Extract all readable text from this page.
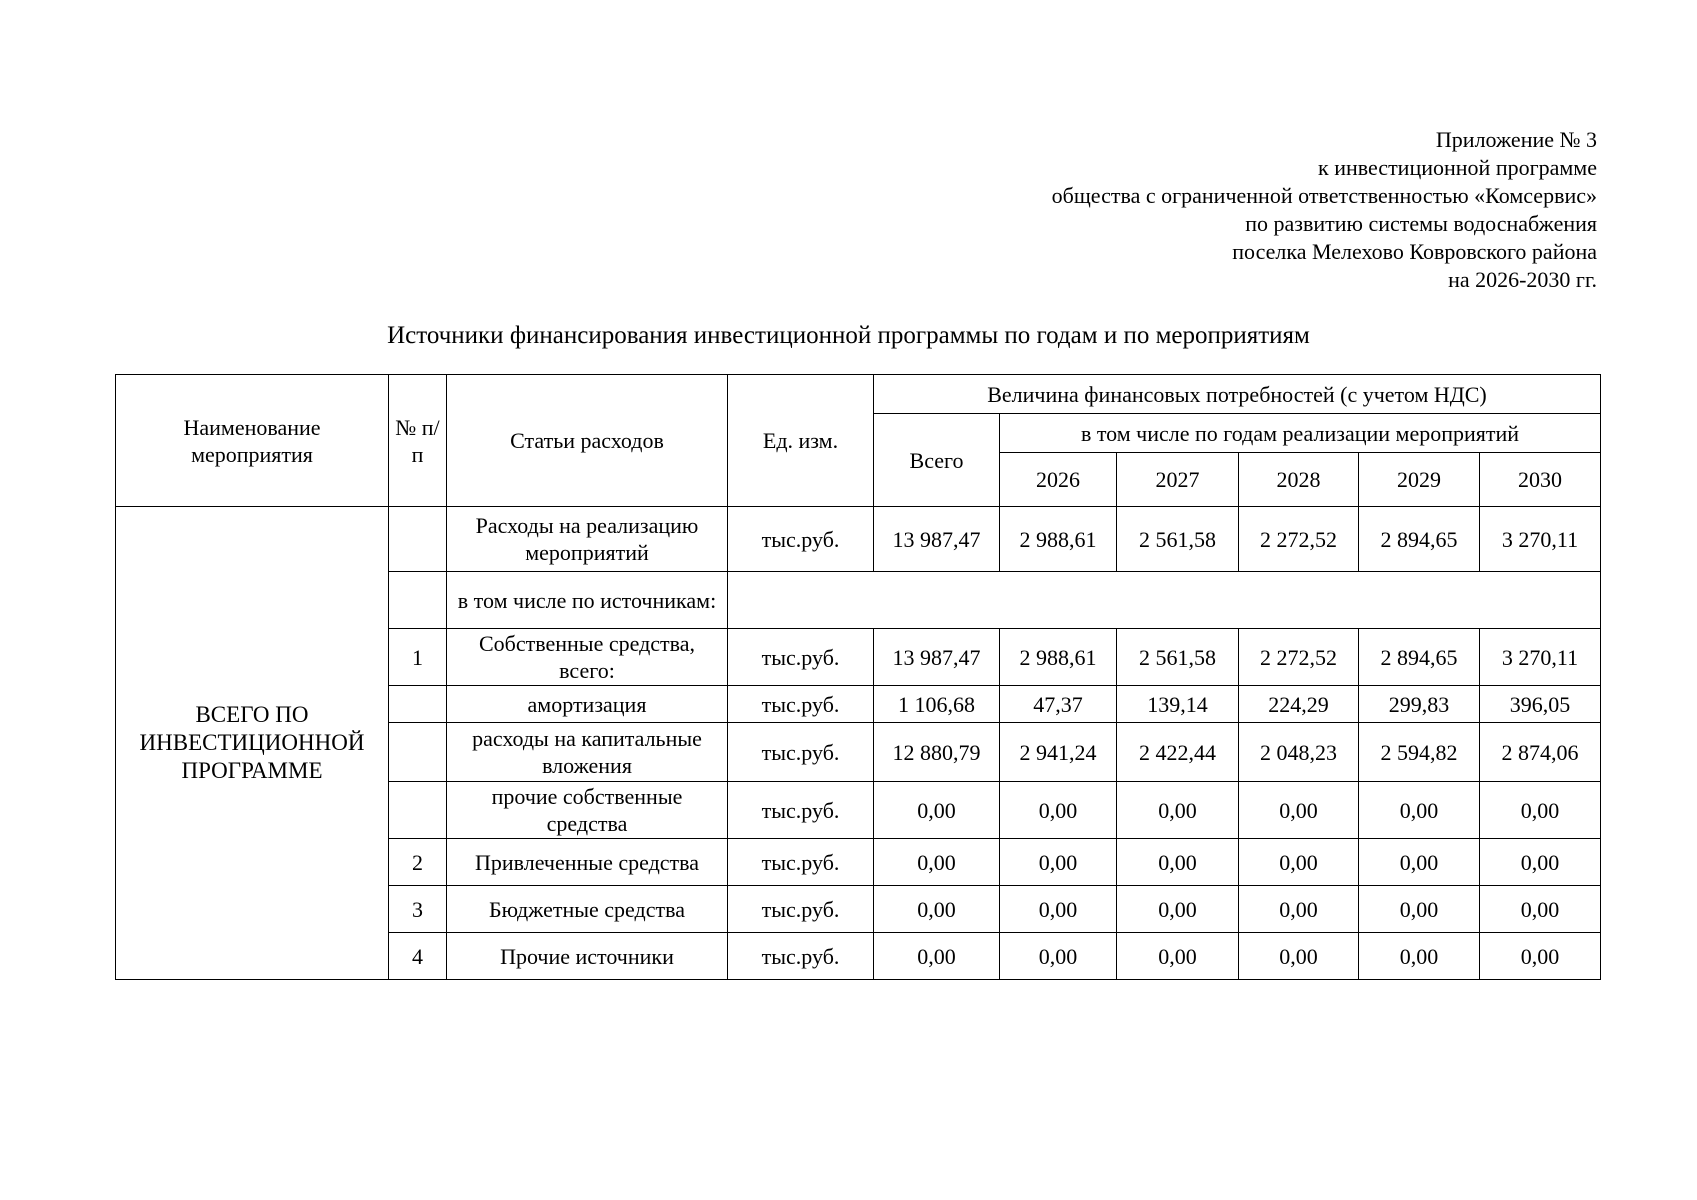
Приложение № 3
к инвестиционной программе
общества с ограниченной ответственностью «Комсервис»
по развитию системы водоснабжения
поселка Мелехово Ковровского района
на 2026-2030 гг.
Источники финансирования инвестиционной программы по годам и по мероприятиям
Наименование мероприятия	№ п/п	Статьи расходов	Ед. изм.	Величина финансовых потребностей (с учетом НДС)					
				Всего	в том числе по годам реализации мероприятий				
					2026	2027	2028	2029	2030
ВСЕГО ПО ИНВЕСТИЦИОННОЙ ПРОГРАММЕ		Расходы на реализацию мероприятий	тыс.руб.	13 987,47	2 988,61	2 561,58	2 272,52	2 894,65	3 270,11
		в том числе по источникам:							
	1	Собственные средства, всего:	тыс.руб.	13 987,47	2 988,61	2 561,58	2 272,52	2 894,65	3 270,11
		амортизация	тыс.руб.	1 106,68	47,37	139,14	224,29	299,83	396,05
		расходы на капитальные вложения	тыс.руб.	12 880,79	2 941,24	2 422,44	2 048,23	2 594,82	2 874,06
		прочие собственные средства	тыс.руб.	0,00	0,00	0,00	0,00	0,00	0,00
	2	Привлеченные средства	тыс.руб.	0,00	0,00	0,00	0,00	0,00	0,00
	3	Бюджетные средства	тыс.руб.	0,00	0,00	0,00	0,00	0,00	0,00
	4	Прочие источники	тыс.руб.	0,00	0,00	0,00	0,00	0,00	0,00
